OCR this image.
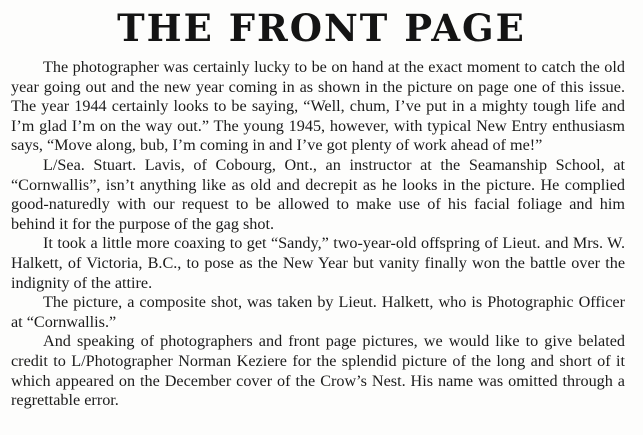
THE FRONT PAGE

The photographer was certainly lucky to be on hand at the exact moment to catch the old year going out and the new year coming in as shown in the picture on page one of this issue. The year 1944 certainly looks to be saying, “Well, chum, I’ve put in a mighty tough life and I’m glad I’m on the way out.” The young 1945, however, with typical New Entry enthusiasm says, “Move along, bub, I’m coming in and I’ve got plenty of work ahead of me!”

L/Sea. Stuart. Lavis, of Cobourg, Ont., an instructor at the Seamanship School, at “Cornwallis”, isn’t anything like as old and decrepit as he looks in the picture. He complied good-naturedly with our request to be allowed to make use of his facial foliage and him behind it for the purpose of the gag shot.

It took a little more coaxing to get “Sandy,” two-year-old offspring of Lieut. and Mrs. W. Halkett, of Victoria, B.C., to pose as the New Year but vanity finally won the battle over the indignity of the attire.

The picture, a composite shot, was taken by Lieut. Halkett, who is Photographic Officer at “Cornwallis.”

And speaking of photographers and front page pictures, we would like to give belated credit to L/Photographer Norman Keziere for the splendid picture of the long and short of it which appeared on the December cover of the Crow’s Nest. His name was omitted through a regrettable error.
